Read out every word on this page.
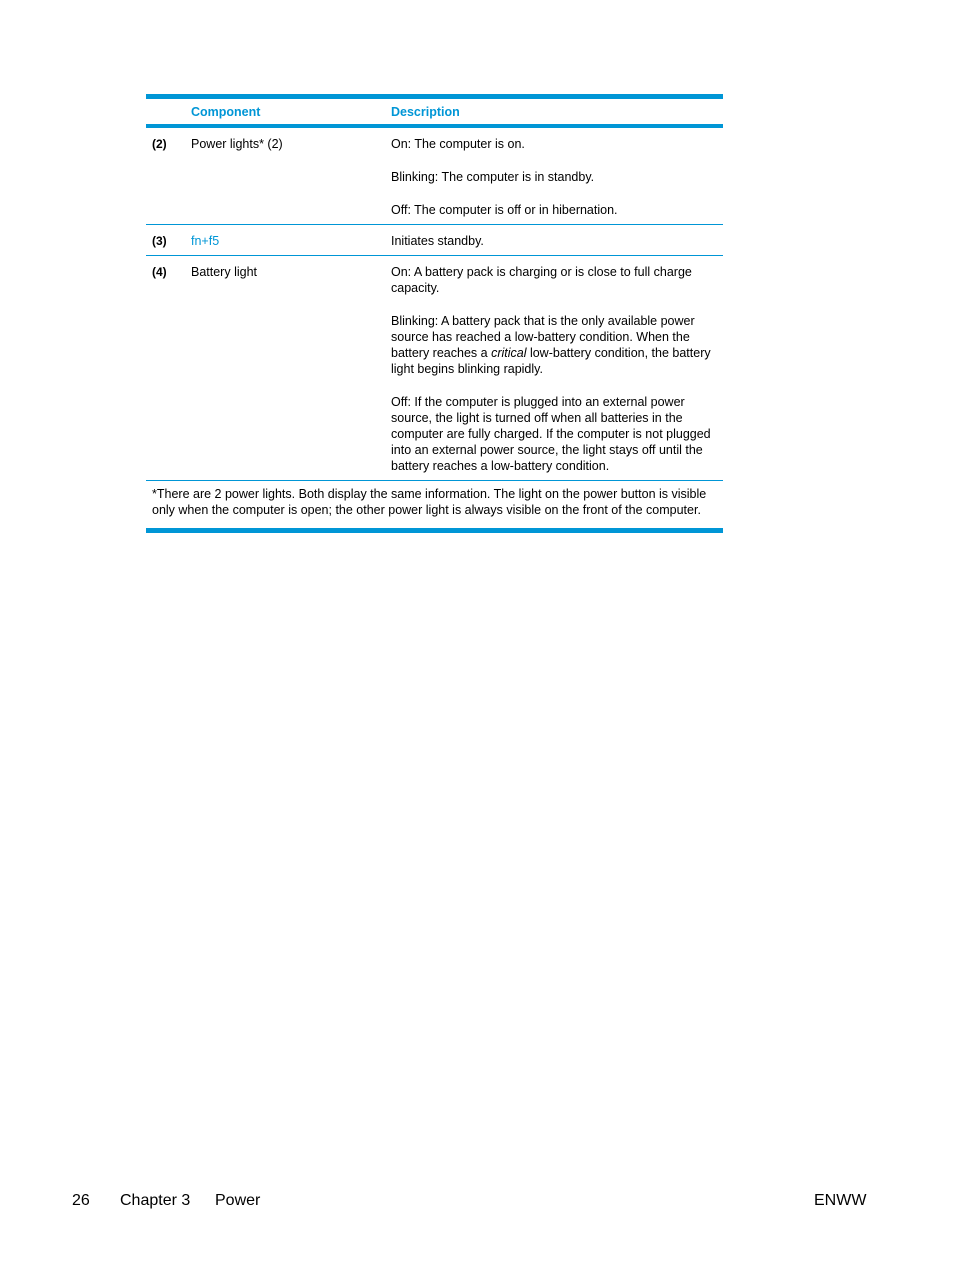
Component	Description
(2)	Power lights* (2)	On: The computer is on.

Blinking: The computer is in standby.

Off: The computer is off or in hibernation.

(3)	fn+f5	Initiates standby.

(4)	Battery light	On: A battery pack is charging or is close to full charge capacity.

Blinking: A battery pack that is the only available power source has reached a low-battery condition. When the battery reaches a critical low-battery condition, the battery light begins blinking rapidly.

Off: If the computer is plugged into an external power source, the light is turned off when all batteries in the computer are fully charged. If the computer is not plugged into an external power source, the light stays off until the battery reaches a low-battery condition.

*There are 2 power lights. Both display the same information. The light on the power button is visible only when the computer is open; the other power light is always visible on the front of the computer.
26 Chapter 3 Power	ENWW
